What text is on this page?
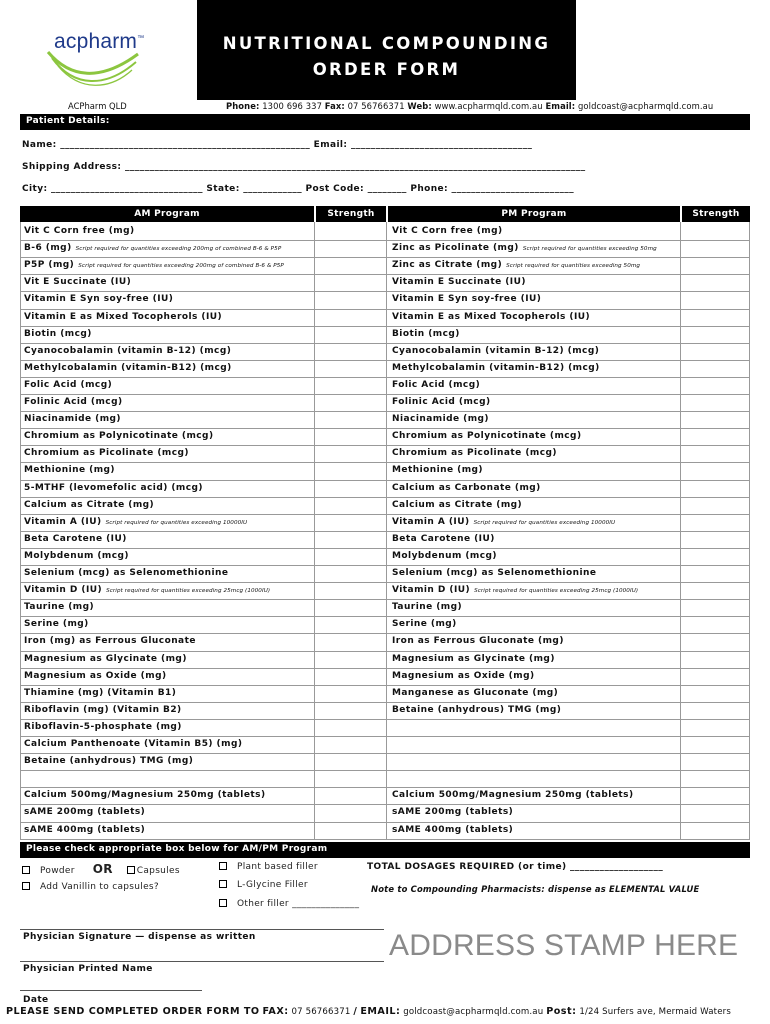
acpharm™	NUTRITIONAL COMPOUNDING
ORDER FORM
ACPharm QLD	Phone: 1300 696 337 Fax: 07 56766371 Web: www.acpharmqld.com.au Email: goldcoast@acpharmqld.com.au
Patient Details:
Name: ___________________________________________________ Email: _____________________________________
Shipping Address: ______________________________________________________________________________________________
City: _______________________________ State: ____________ Post Code: ________ Phone: _________________________
AM Program	Strength	PM Program	Strength
Vit C Corn free (mg)	Vit C Corn free (mg)
B-6 (mg) Script required for quantities exceeding 200mg of combined B-6 & P5P	Zinc as Picolinate (mg) Script required for quantities exceeding 50mg
P5P (mg) Script required for quantities exceeding 200mg of combined B-6 & P5P	Zinc as Citrate (mg) Script required for quantities exceeding 50mg
Vit E Succinate (IU)	Vitamin E Succinate (IU)
Vitamin E Syn soy-free (IU)	Vitamin E Syn soy-free (IU)
Vitamin E as Mixed Tocopherols (IU)	Vitamin E as Mixed Tocopherols (IU)
Biotin (mcg)	Biotin (mcg)
Cyanocobalamin (vitamin B-12) (mcg)	Cyanocobalamin (vitamin B-12) (mcg)
Methylcobalamin (vitamin-B12) (mcg)	Methylcobalamin (vitamin-B12) (mcg)
Folic Acid (mcg)	Folic Acid (mcg)
Folinic Acid (mcg)	Folinic Acid (mcg)
Niacinamide (mg)	Niacinamide (mg)
Chromium as Polynicotinate (mcg)	Chromium as Polynicotinate (mcg)
Chromium as Picolinate (mcg)	Chromium as Picolinate (mcg)
Methionine (mg)	Methionine (mg)
5-MTHF (levomefolic acid) (mcg)	Calcium as Carbonate (mg)
Calcium as Citrate (mg)	Calcium as Citrate (mg)
Vitamin A (IU) Script required for quantities exceeding 10000IU	Vitamin A (IU) Script required for quantities exceeding 10000IU
Beta Carotene (IU)	Beta Carotene (IU)
Molybdenum (mcg)	Molybdenum (mcg)
Selenium (mcg) as Selenomethionine	Selenium (mcg) as Selenomethionine
Vitamin D (IU) Script required for quantities exceeding 25mcg (1000IU)	Vitamin D (IU) Script required for quantities exceeding 25mcg (1000IU)
Taurine (mg)	Taurine (mg)
Serine (mg)	Serine (mg)
Iron (mg) as Ferrous Gluconate	Iron as Ferrous Gluconate (mg)
Magnesium as Glycinate (mg)	Magnesium as Glycinate (mg)
Magnesium as Oxide (mg)	Magnesium as Oxide (mg)
Thiamine (mg) (Vitamin B1)	Manganese as Gluconate (mg)
Riboflavin (mg) (Vitamin B2)	Betaine (anhydrous) TMG (mg)
Riboflavin-5-phosphate (mg)
Calcium Panthenoate (Vitamin B5) (mg)
Betaine (anhydrous) TMG (mg)
Calcium 500mg/Magnesium 250mg (tablets)	Calcium 500mg/Magnesium 250mg (tablets)
sAME 200mg (tablets)	sAME 200mg (tablets)
sAME 400mg (tablets)	sAME 400mg (tablets)
Please check appropriate box below for AM/PM Program
Powder OR	Capsules
Add Vanillin to capsules?
Plant based filler
L-Glycine Filler
Other filler ______________
TOTAL DOSAGES REQUIRED (or time) ___________________
Note to Compounding Pharmacists: dispense as ELEMENTAL VALUE
Physician Signature — dispense as written
Physician Printed Name
Date
ADDRESS STAMP HERE
PLEASE SEND COMPLETED ORDER FORM TO FAX: 07 56766371 / EMAIL: goldcoast@acpharmqld.com.au Post: 1/24 Surfers ave, Mermaid Waters
